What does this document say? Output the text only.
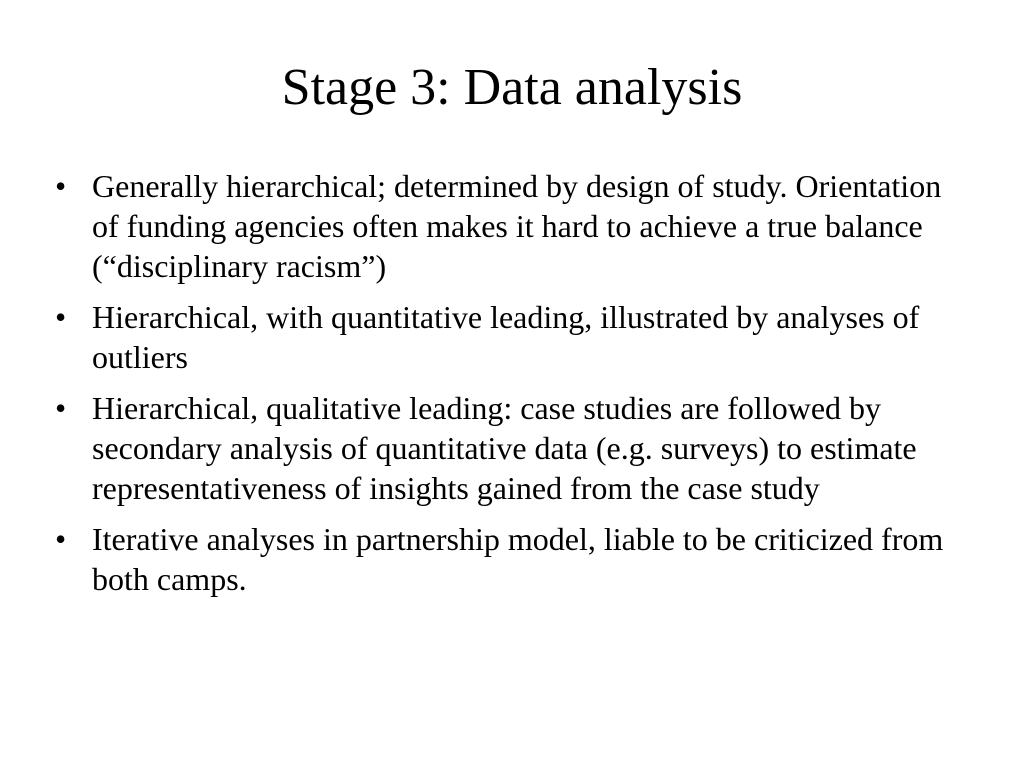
Stage 3: Data analysis
• Generally hierarchical; determined by design of study. Orientation of funding agencies often makes it hard to achieve a true balance (“disciplinary racism”)
• Hierarchical, with quantitative leading, illustrated by analyses of outliers
• Hierarchical, qualitative leading: case studies are followed by secondary analysis of quantitative data (e.g. surveys) to estimate representativeness of insights gained from the case study
• Iterative analyses in partnership model, liable to be criticized from both camps.
